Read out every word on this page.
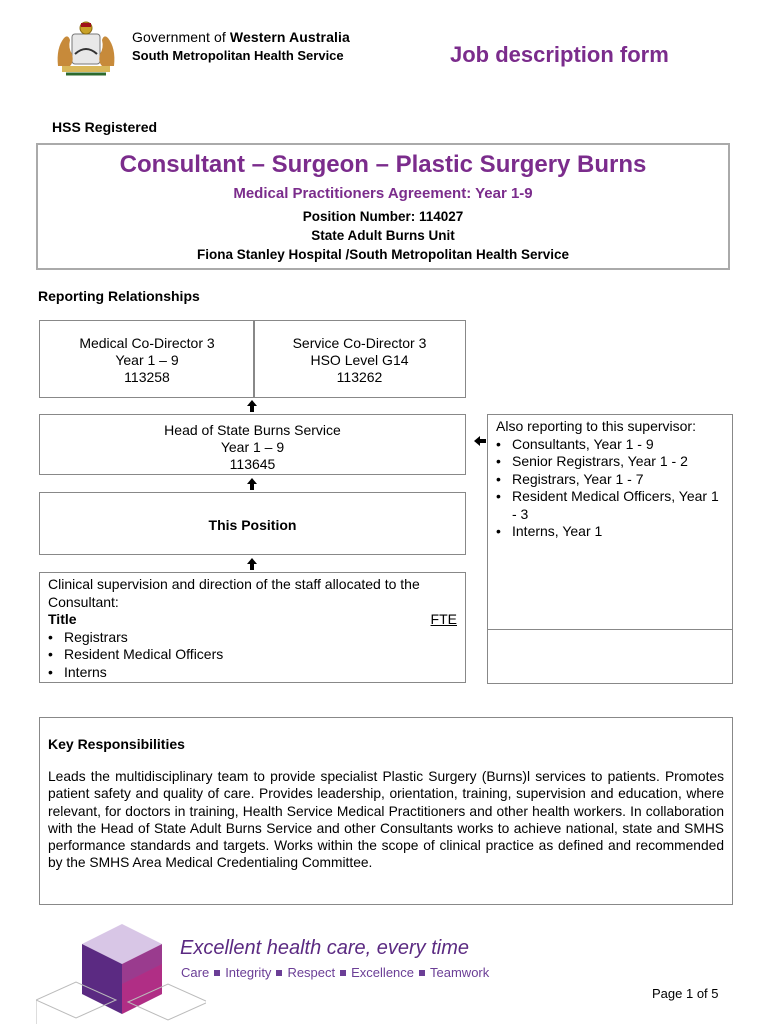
Government of Western Australia
South Metropolitan Health Service	Job description form
HSS Registered
Consultant – Surgeon – Plastic Surgery Burns
Medical Practitioners Agreement: Year 1-9
Position Number: 114027
State Adult Burns Unit
Fiona Stanley Hospital /South Metropolitan Health Service
Reporting Relationships
Medical Co-Director 3
Year 1 – 9
113258
Service Co-Director 3
HSO Level G14
113262
Head of State Burns Service
Year 1 – 9
113645
This Position
Clinical supervision and direction of the staff allocated to the Consultant:
Title	FTE
• Registrars
• Resident Medical Officers
• Interns
Also reporting to this supervisor:
• Consultants, Year 1 - 9
• Senior Registrars, Year 1 - 2
• Registrars, Year 1 - 7
• Resident Medical Officers, Year 1 - 3
• Interns, Year 1
Key Responsibilities
Leads the multidisciplinary team to provide specialist Plastic Surgery (Burns)l services to patients. Promotes patient safety and quality of care. Provides leadership, orientation, training, supervision and education, where relevant, for doctors in training, Health Service Medical Practitioners and other health workers. In collaboration with the Head of State Adult Burns Service and other Consultants works to achieve national, state and SMHS performance standards and targets. Works within the scope of clinical practice as defined and recommended by the SMHS Area Medical Credentialing Committee.
Excellent health care, every time
Care Integrity Respect Excellence Teamwork
Page 1 of 5
